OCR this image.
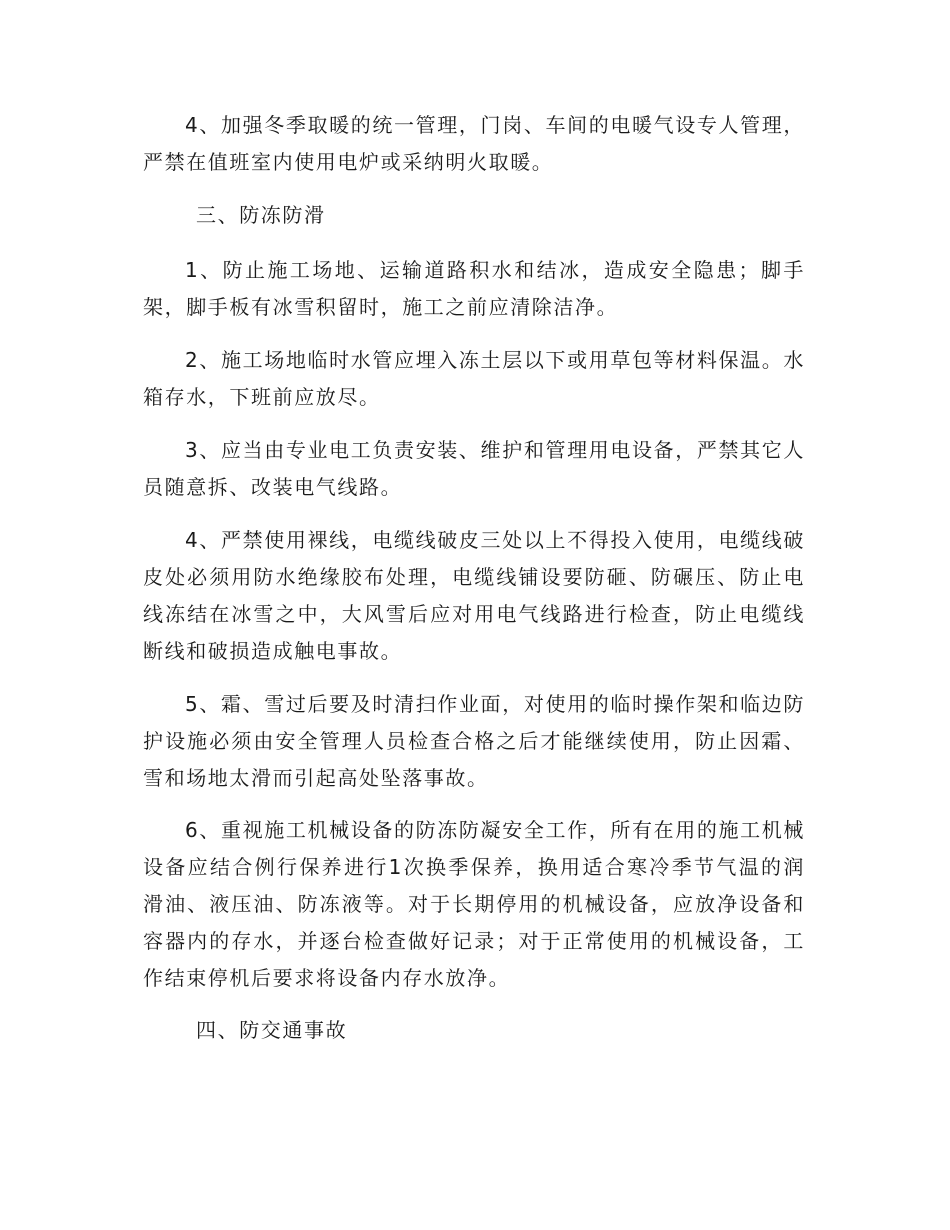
4、加强冬季取暖的统一管理，门岗、车间的电暖气设专人管理，严禁在值班室内使用电炉或采纳明火取暖。

三、防冻防滑

1、防止施工场地、运输道路积水和结冰，造成安全隐患；脚手架，脚手板有冰雪积留时，施工之前应清除洁净。

2、施工场地临时水管应埋入冻土层以下或用草包等材料保温。水箱存水，下班前应放尽。

3、应当由专业电工负责安装、维护和管理用电设备，严禁其它人员随意拆、改装电气线路。

4、严禁使用裸线，电缆线破皮三处以上不得投入使用，电缆线破皮处必须用防水绝缘胶布处理，电缆线铺设要防砸、防碾压、防止电线冻结在冰雪之中，大风雪后应对用电气线路进行检查，防止电缆线断线和破损造成触电事故。

5、霜、雪过后要及时清扫作业面，对使用的临时操作架和临边防护设施必须由安全管理人员检查合格之后才能继续使用，防止因霜、雪和场地太滑而引起高处坠落事故。

6、重视施工机械设备的防冻防凝安全工作，所有在用的施工机械设备应结合例行保养进行1次换季保养，换用适合寒冷季节气温的润滑油、液压油、防冻液等。对于长期停用的机械设备，应放净设备和容器内的存水，并逐台检查做好记录；对于正常使用的机械设备，工作结束停机后要求将设备内存水放净。

四、防交通事故
